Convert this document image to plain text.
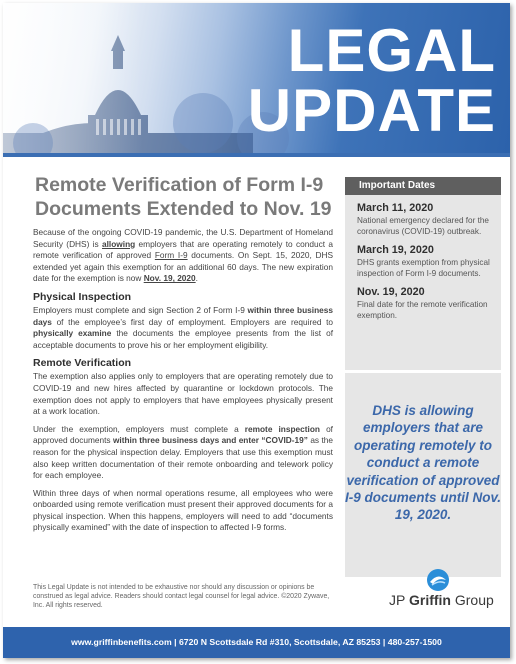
LEGAL
UPDATE
Remote Verification of Form I-9
Documents Extended to Nov. 19

Because of the ongoing COVID-19 pandemic, the U.S. Department of Homeland Security (DHS) is allowing employers that are operating remotely to conduct a remote verification of approved Form I-9 documents. On Sept. 15, 2020, DHS extended yet again this exemption for an additional 60 days. The new expiration date for the exemption is now Nov. 19, 2020.

Physical Inspection

Employers must complete and sign Section 2 of Form I-9 within three business days of the employee’s first day of employment. Employers are required to physically examine the documents the employee presents from the list of acceptable documents to prove his or her employment eligibility.

Remote Verification

The exemption also applies only to employers that are operating remotely due to COVID-19 and new hires affected by quarantine or lockdown protocols. The exemption does not apply to employers that have employees physically present at a work location.

Under the exemption, employers must complete a remote inspection of approved documents within three business days and enter “COVID-19” as the reason for the physical inspection delay. Employers that use this exemption must also keep written documentation of their remote onboarding and telework policy for each employee.

Within three days of when normal operations resume, all employees who were onboarded using remote verification must present their approved documents for a physical inspection. When this happens, employers will need to add “documents physically examined” with the date of inspection to affected I-9 forms.

This Legal Update is not intended to be exhaustive nor should any discussion or opinions be construed as legal advice. Readers should contact legal counsel for legal advice. ©2020 Zywave, Inc. All rights reserved.
Important Dates
March 11, 2020
National emergency declared for the coronavirus (COVID-19) outbreak.
March 19, 2020
DHS grants exemption from physical inspection of Form I-9 documents.
Nov. 19, 2020
Final date for the remote verification exemption.
DHS is allowing employers that are operating remotely to conduct a remote verification of approved I-9 documents until Nov. 19, 2020.
JP Griffin Group
www.griffinbenefits.com | 6720 N Scottsdale Rd #310, Scottsdale, AZ 85253 | 480-257-1500
